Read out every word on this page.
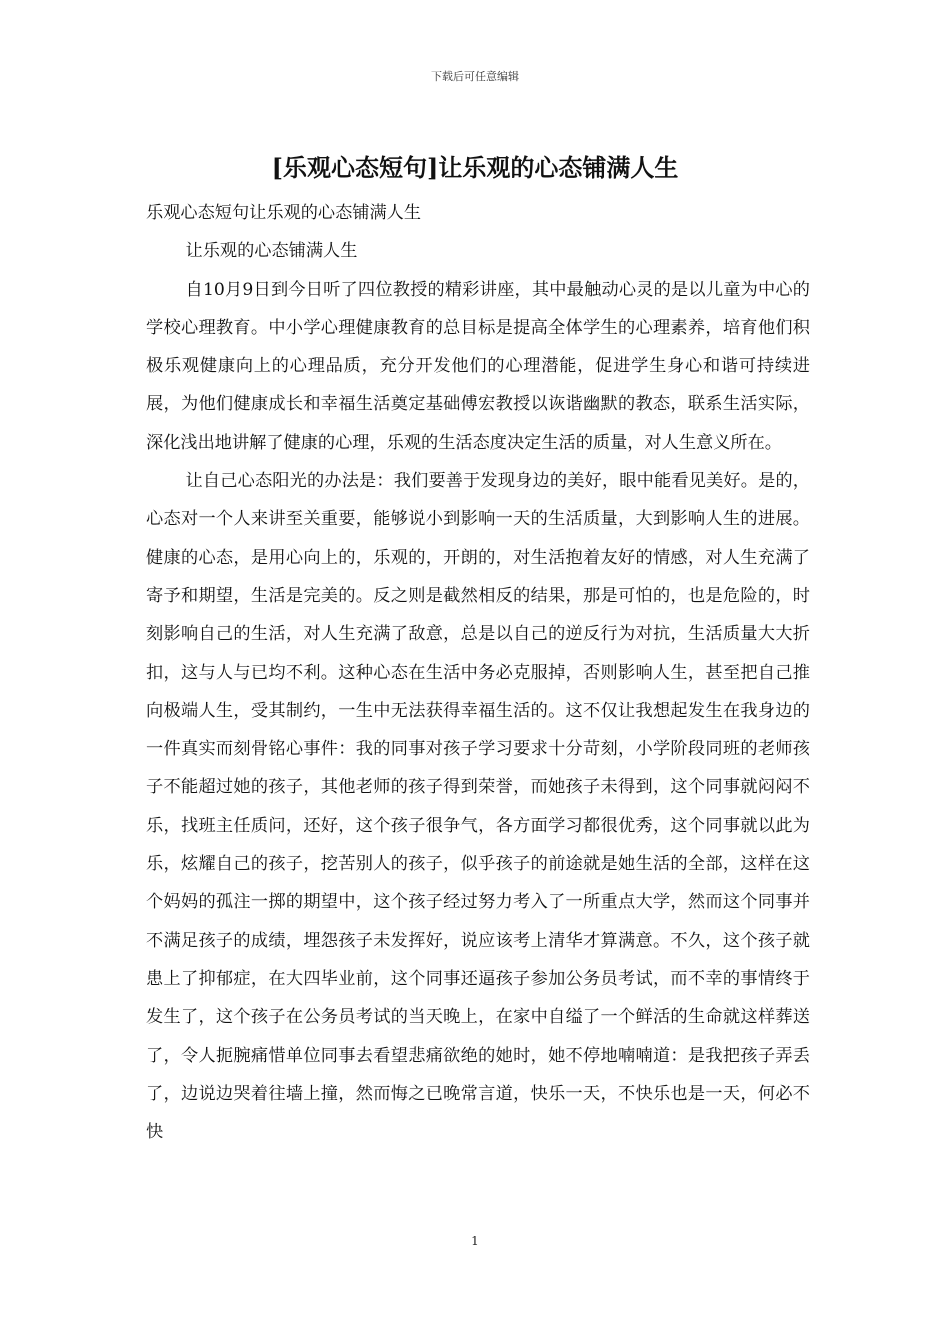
下载后可任意编辑
[乐观心态短句]让乐观的心态铺满人生

乐观心态短句让乐观的心态铺满人生

让乐观的心态铺满人生

自10月9日到今日听了四位教授的精彩讲座，其中最触动心灵的是以儿童为中心的学校心理教育。中小学心理健康教育的总目标是提高全体学生的心理素养，培育他们积极乐观健康向上的心理品质，充分开发他们的心理潜能，促进学生身心和谐可持续进展，为他们健康成长和幸福生活奠定基础傅宏教授以诙谐幽默的教态，联系生活实际，深化浅出地讲解了健康的心理，乐观的生活态度决定生活的质量，对人生意义所在。

让自己心态阳光的办法是：我们要善于发现身边的美好，眼中能看见美好。是的，心态对一个人来讲至关重要，能够说小到影响一天的生活质量，大到影响人生的进展。健康的心态，是用心向上的，乐观的，开朗的，对生活抱着友好的情感，对人生充满了寄予和期望，生活是完美的。反之则是截然相反的结果，那是可怕的，也是危险的，时刻影响自己的生活，对人生充满了敌意，总是以自己的逆反行为对抗，生活质量大大折扣，这与人与已均不利。这种心态在生活中务必克服掉，否则影响人生，甚至把自己推向极端人生，受其制约，一生中无法获得幸福生活的。这不仅让我想起发生在我身边的一件真实而刻骨铭心事件：我的同事对孩子学习要求十分苛刻，小学阶段同班的老师孩子不能超过她的孩子，其他老师的孩子得到荣誉，而她孩子未得到，这个同事就闷闷不乐，找班主任质问，还好，这个孩子很争气，各方面学习都很优秀，这个同事就以此为乐，炫耀自己的孩子，挖苦别人的孩子，似乎孩子的前途就是她生活的全部，这样在这个妈妈的孤注一掷的期望中，这个孩子经过努力考入了一所重点大学，然而这个同事并不满足孩子的成绩，埋怨孩子未发挥好，说应该考上清华才算满意。不久，这个孩子就患上了抑郁症，在大四毕业前，这个同事还逼孩子参加公务员考试，而不幸的事情终于发生了，这个孩子在公务员考试的当天晚上，在家中自缢了一个鲜活的生命就这样葬送了，令人扼腕痛惜单位同事去看望悲痛欲绝的她时，她不停地喃喃道：是我把孩子弄丢了，边说边哭着往墙上撞，然而悔之已晚常言道，快乐一天，不快乐也是一天，何必不快

1
